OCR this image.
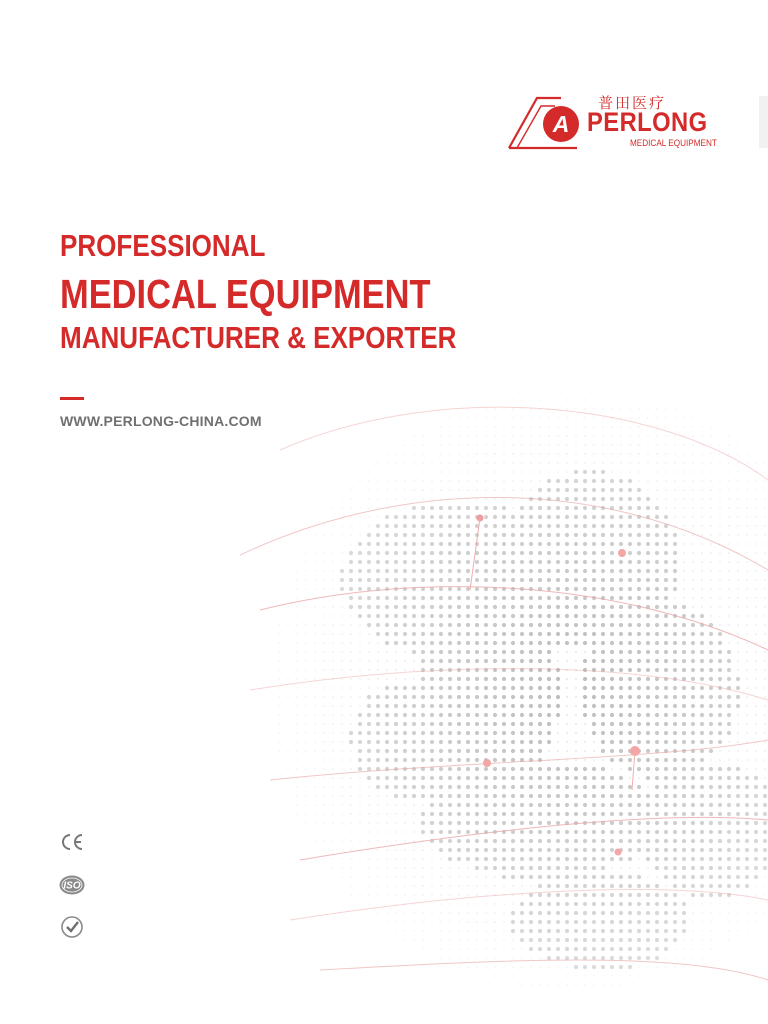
A
普田医疗
PERLONG
MEDICAL EQUIPMENT
PROFESSIONAL
MEDICAL EQUIPMENT
MANUFACTURER & EXPORTER
WWW.PERLONG-CHINA.COM
ISO
